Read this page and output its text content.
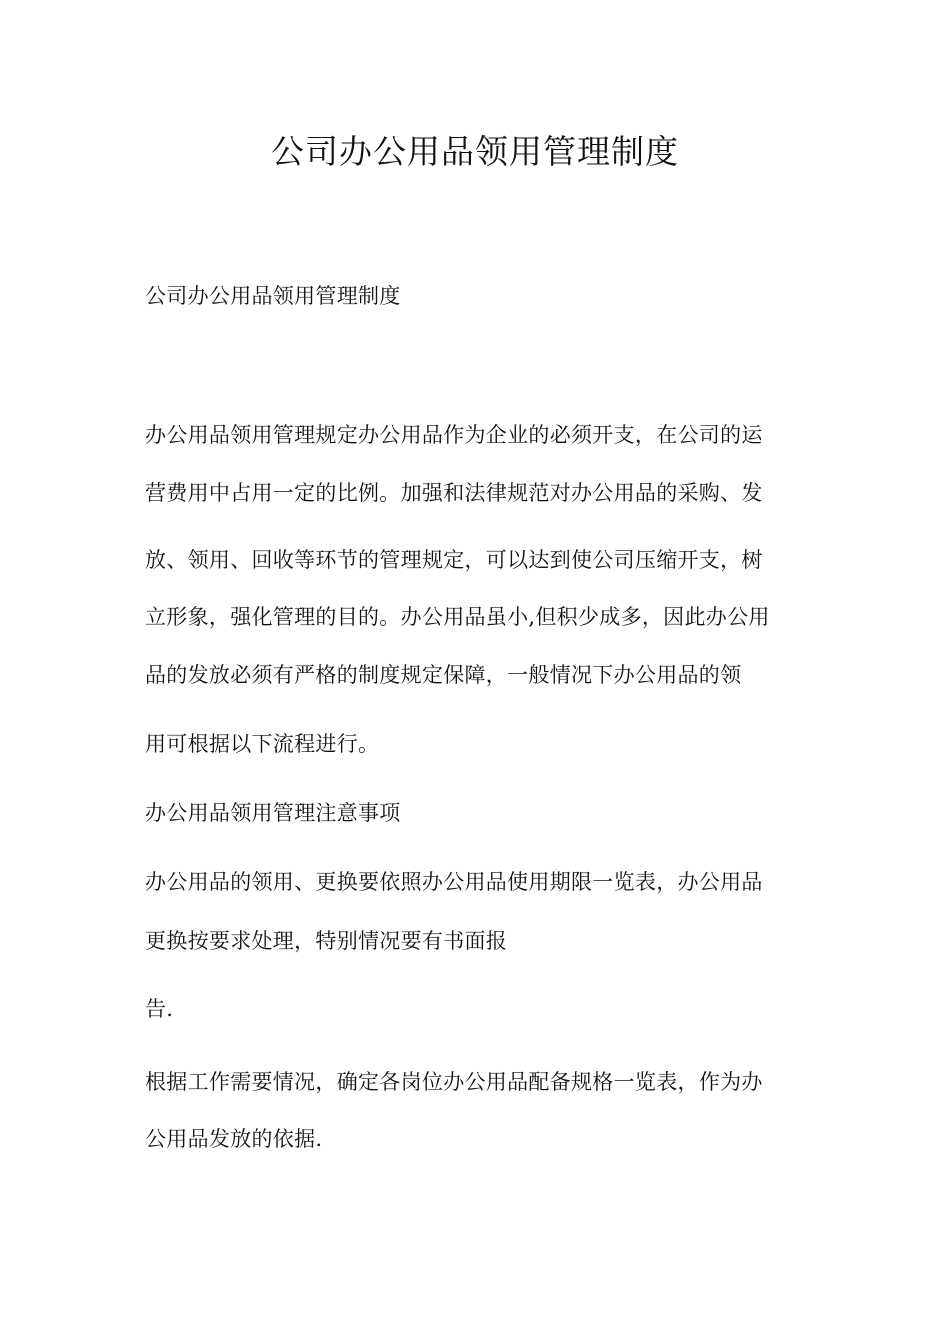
公司办公用品领用管理制度
公司办公用品领用管理制度
办公用品领用管理规定办公用品作为企业的必须开支，在公司的运
营费用中占用一定的比例。加强和法律规范对办公用品的采购、发
放、领用、回收等环节的管理规定，可以达到使公司压缩开支，树
立形象，强化管理的目的。办公用品虽小,但积少成多，因此办公用
品的发放必须有严格的制度规定保障，一般情况下办公用品的领
用可根据以下流程进行。
办公用品领用管理注意事项
办公用品的领用、更换要依照办公用品使用期限一览表，办公用品
更换按要求处理，特别情况要有书面报
告.
根据工作需要情况，确定各岗位办公用品配备规格一览表，作为办
公用品发放的依据.
